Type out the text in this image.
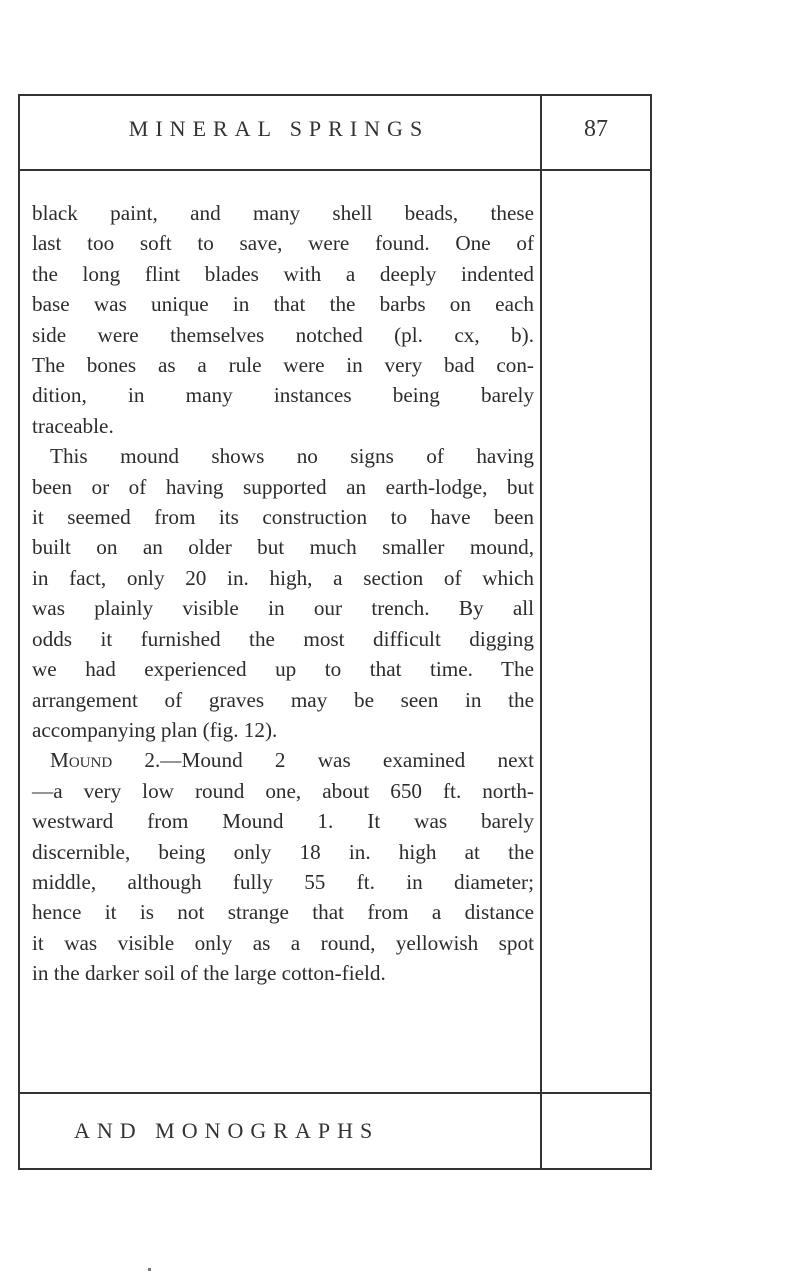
MINERAL SPRINGS	87
black paint, and many shell beads, these
last too soft to save, were found. One of
the long flint blades with a deeply indented
base was unique in that the barbs on each
side were themselves notched (pl. cx, b).
The bones as a rule were in very bad con-
dition, in many instances being barely
traceable.
This mound shows no signs of having
been or of having supported an earth-lodge, but
it seemed from its construction to have been
built on an older but much smaller mound,
in fact, only 20 in. high, a section of which
was plainly visible in our trench. By all
odds it furnished the most difficult digging
we had experienced up to that time. The
arrangement of graves may be seen in the
accompanying plan (fig. 12).
Mound 2.—Mound 2 was examined next
—a very low round one, about 650 ft. north-
westward from Mound 1. It was barely
discernible, being only 18 in. high at the
middle, although fully 55 ft. in diameter;
hence it is not strange that from a distance
it was visible only as a round, yellowish spot
in the darker soil of the large cotton-field.
AND MONOGRAPHS
